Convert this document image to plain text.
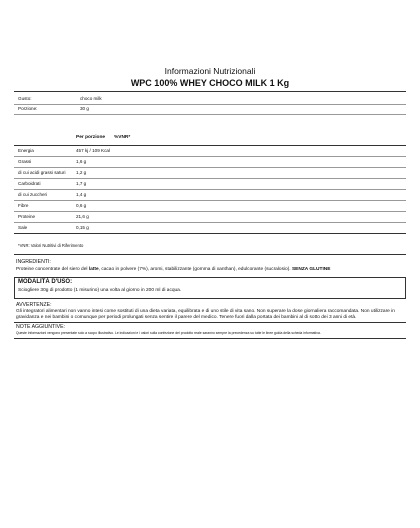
Informazioni Nutrizionali
WPC 100% WHEY CHOCO MILK 1 Kg
Gusto:	choco milk
Porzione:	30 g
Per porzione %VNR*
Energia	457 kj / 109 Kcal
Grassi	1,6 g
di cui acidi grassi saturi 1,2 g
Carboidrati	1,7 g
di cui zuccheri	1,4 g
Fibre	0,6 g
Proteine	21,6 g
Sale	0,15 g
*VNR: Valori Nutritivi di Riferimento
INGREDIENTI:
Proteine concentrate del siero del latte, cacao in polvere (7%), aromi, stabilizzante (gomma di xanthan), edulcorante (sucralosio). SENZA GLUTINE
MODALITÀ D'USO:
Sciogliere 30g di prodotto (1 misurino) una volta al giorno in 200 ml di acqua.
AVVERTENZE:
Gli integratori alimentari non vanno intesi come sostituti di una dieta variata, equilibrata e di uno stile di vita sano. Non superare la dose giornaliera raccomandata. Non utilizzare in gravidanza e nei bambini o comunque per periodi prolungati senza sentire il parere del medico. Tenere fuori dalla portata dei bambini al di sotto dei 3 anni di età.
NOTE AGGIUNTIVE:
Queste informazioni vengono presentate solo a scopo illustrativo. Le indicazioni e i valori sulla confezione del prodotto reale saranno sempre la precedenza su tutte le linee guida della scheda informativa.
